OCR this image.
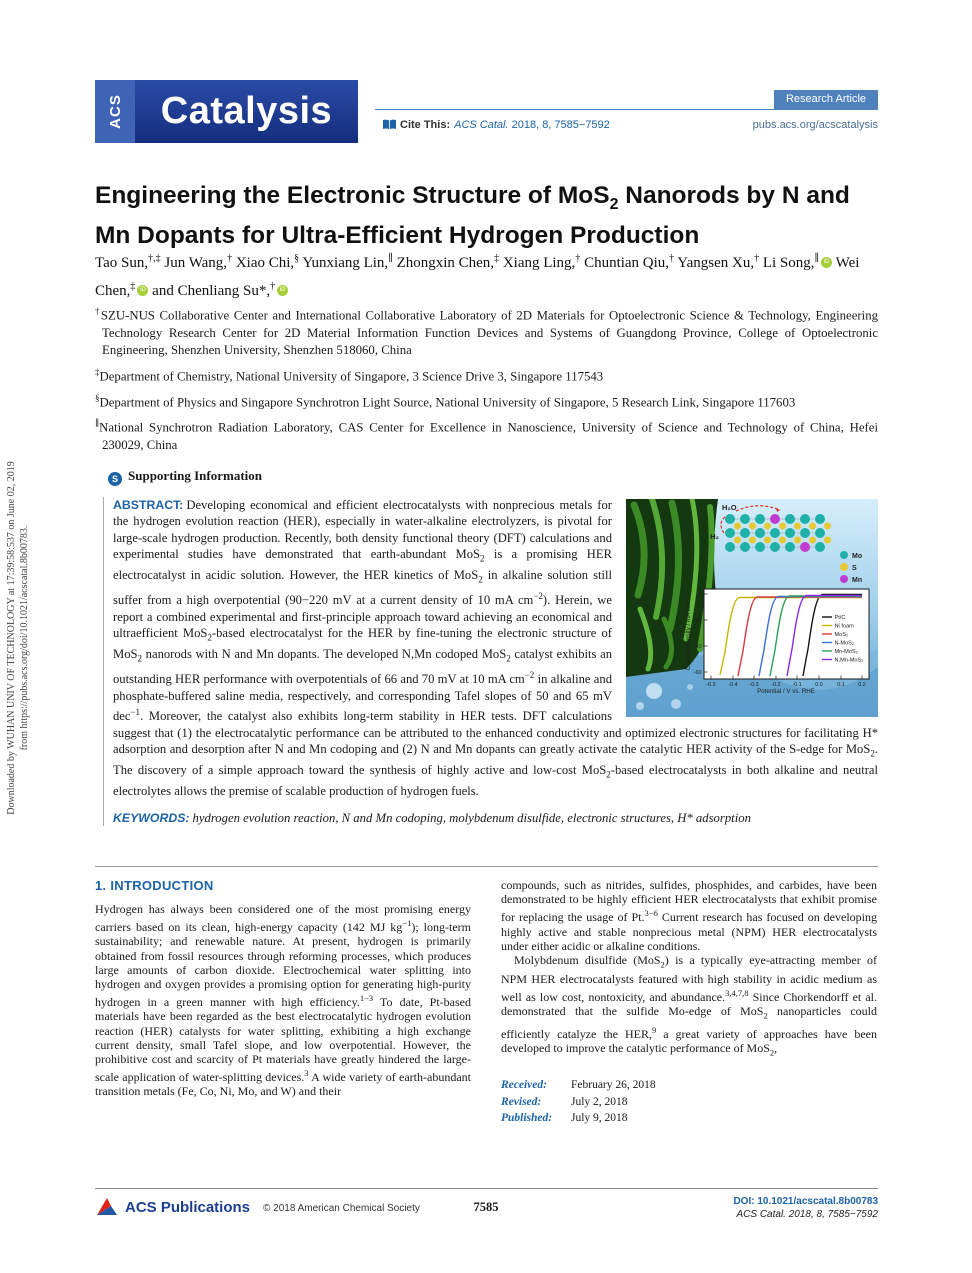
Downloaded by WUHAN UNIV OF TECHNOLOGY at 17:39:58:537 on June 02, 2019 from https://pubs.acs.org/doi/10.1021/acscatal.8b00783.
ACS Catalysis	Research Article
Cite This: ACS Catal. 2018, 8, 7585−7592	pubs.acs.org/acscatalysis
Engineering the Electronic Structure of MoS$_2$ Nanorods by N and Mn Dopants for Ultra-Efficient Hydrogen Production
Tao Sun,†,‡ Jun Wang,† Xiao Chi,§ Yunxiang Lin,∥ Zhongxin Chen,‡ Xiang Ling,† Chuntian Qiu,† Yangsen Xu,† Li Song,∥ iD Wei Chen,‡ iD and Chenliang Su*,† iD

†SZU-NUS Collaborative Center and International Collaborative Laboratory of 2D Materials for Optoelectronic Science & Technology, Engineering Technology Research Center for 2D Material Information Function Devices and Systems of Guangdong Province, College of Optoelectronic Engineering, Shenzhen University, Shenzhen 518060, China

‡Department of Chemistry, National University of Singapore, 3 Science Drive 3, Singapore 117543

§Department of Physics and Singapore Synchrotron Light Source, National University of Singapore, 5 Research Link, Singapore 117603

∥National Synchrotron Radiation Laboratory, CAS Center for Excellence in Nanoscience, University of Science and Technology of China, Hefei 230029, China

S Supporting Information
H₂O
H₂
Mo
S
Mn
Current Density / mA cm⁻²
Potential / V vs. RHE
-0.5 -0.4 -0.3 -0.2 -0.1	0.0	0.1	0.2
0
-20
-40
-60
Pt/C
Ni foam
MoS₂
N-MoS₂
Mn-MoS₂
N,Mn-MoS₂

ABSTRACT: Developing economical and efficient electrocatalysts with nonprecious metals for the hydrogen evolution reaction (HER), especially in water-alkaline electrolyzers, is pivotal for large-scale hydrogen production. Recently, both density functional theory (DFT) calculations and experimental studies have demonstrated that earth-abundant MoS$_2$ is a promising HER electrocatalyst in acidic solution. However, the HER kinetics of MoS$_2$ in alkaline solution still suffer from a high overpotential (90−220 mV at a current density of 10 mA $cm^{-2}$). Herein, we report a combined experimental and first-principle approach toward achieving an economical and ultraefficient MoS$_2$-based electrocatalyst for the HER by fine-tuning the electronic structure of MoS$_2$ nanorods with N and Mn dopants. The developed N,Mn codoped MoS$_2$ catalyst exhibits an outstanding HER performance with overpotentials of 66 and 70 mV at 10 mA $cm^{-2}$ in alkaline and phosphate-buffered saline media, respectively, and corresponding Tafel slopes of 50 and 65 mV dec$^{-1}$. Moreover, the catalyst also exhibits long-term stability in HER tests. DFT calculations suggest that (1) the electrocatalytic performance can be attributed to the enhanced conductivity and optimized electronic structures for facilitating H* adsorption and desorption after N and Mn codoping and (2) N and Mn dopants can greatly activate the catalytic HER activity of the S-edge for MoS$_2$. The discovery of a simple approach toward the synthesis of highly active and low-cost MoS$_2$-based electrocatalysts in both alkaline and neutral electrolytes allows the premise of scalable production of hydrogen fuels.

KEYWORDS: hydrogen evolution reaction, N and Mn codoping, molybdenum disulfide, electronic structures, H* adsorption

1. INTRODUCTION

Hydrogen has always been considered one of the most promising energy carriers based on its clean, high-energy capacity (142 MJ $kg^{-1}$); long-term sustainability; and renewable nature. At present, hydrogen is primarily obtained from fossil resources through reforming processes, which produces large amounts of carbon dioxide. Electrochemical water splitting into hydrogen and oxygen provides a promising option for generating high-purity hydrogen in a green manner with high efficiency.$^{1-3}$ To date, Pt-based materials have been regarded as the best electrocatalytic hydrogen evolution reaction (HER) catalysts for water splitting, exhibiting a high exchange current density, small Tafel slope, and low overpotential. However, the prohibitive cost and scarcity of Pt materials have greatly hindered the large-scale application of water-splitting devices.$^3$ A wide variety of earth-abundant transition metals (Fe, Co, Ni, Mo, and W) and their

compounds, such as nitrides, sulfides, phosphides, and carbides, have been demonstrated to be highly efficient HER electrocatalysts that exhibit promise for replacing the usage of Pt.$^{3-6}$ Current research has focused on developing highly active and stable nonprecious metal (NPM) HER electrocatalysts under either acidic or alkaline conditions.

Molybdenum disulfide (MoS$_2$) is a typically eye-attracting member of NPM HER electrocatalysts featured with high stability in acidic medium as well as low cost, nontoxicity, and abundance.$^{3,4,7,8}$ Since Chorkendorff et al. demonstrated that the sulfide Mo-edge of MoS$_2$ nanoparticles could efficiently catalyze the HER,$^9$ a great variety of approaches have been developed to improve the catalytic performance of MoS$_2$,

Received:	February 26, 2018
Revised:	July 2, 2018
Published:	July 9, 2018
ACS Publications © 2018 American Chemical Society	7585	DOI: 10.1021/acscatal.8b00783
ACS Catal. 2018, 8, 7585−7592
